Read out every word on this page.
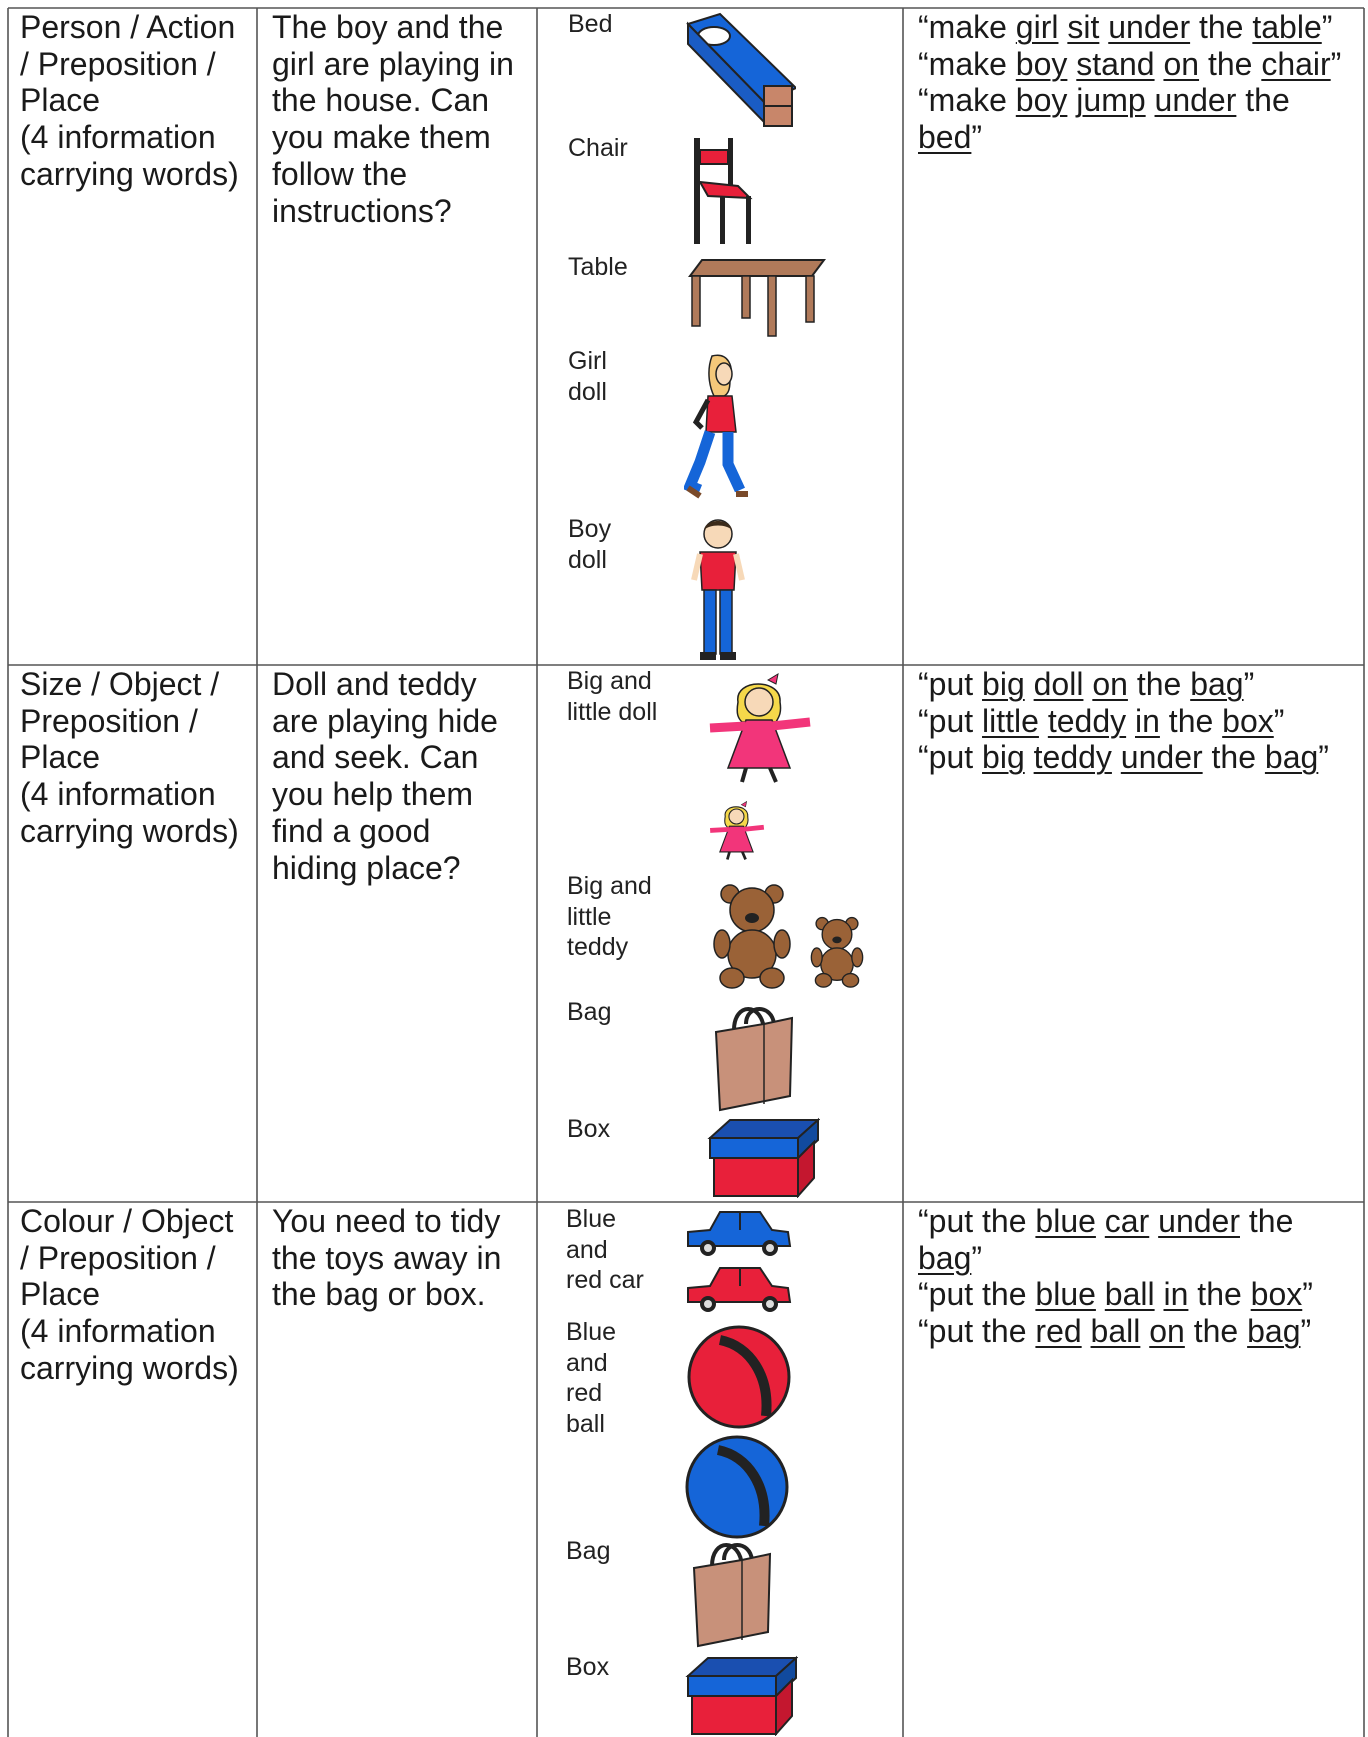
Person / Action
/ Preposition /
Place
(4 information
carrying words)
The boy and the
girl are playing in
the house. Can
you make them
follow the
instructions?
Bed
Chair
Table
Girl
doll
Boy
doll
“make girl sit under the table”
“make boy stand on the chair”
“make boy jump under the
bed”
Size / Object /
Preposition /
Place
(4 information
carrying words)
Doll and teddy
are playing hide
and seek. Can
you help them
find a good
hiding place?
Big and
little doll
Big and
little
teddy
Bag
Box
“put big doll on the bag”
“put little teddy in the box”
“put big teddy under the bag”
Colour / Object
/ Preposition /
Place
(4 information
carrying words)
You need to tidy
the toys away in
the bag or box.
Blue
and
red car
Blue
and
red
ball
Bag
Box
“put the blue car under the
bag”
“put the blue ball in the box”
“put the red ball on the bag”
